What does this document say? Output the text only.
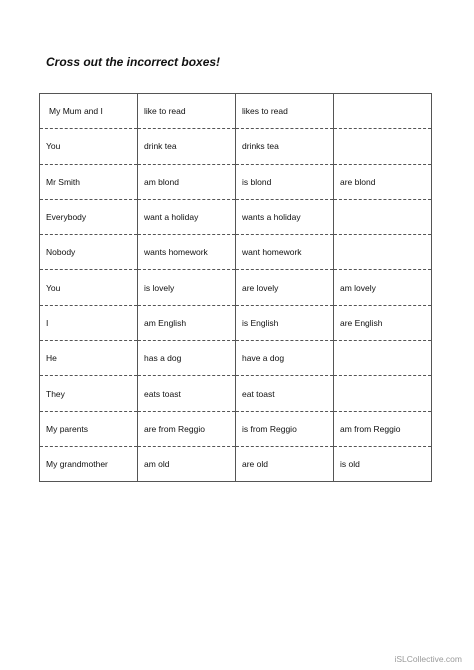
Cross out the incorrect boxes!
My Mum and I	like to read	likes to read	
You	drink tea	drinks tea	
Mr Smith	am blond	is blond	are blond
Everybody	want a holiday	wants a holiday	
Nobody	wants homework	want homework	
You	is lovely	are lovely	am lovely
I	am English	is English	are English
He	has a dog	have a dog	
They	eats toast	eat toast	
My parents	are from Reggio	is from Reggio	am from Reggio
My grandmother	am old	are old	is old
iSLCollective.com
